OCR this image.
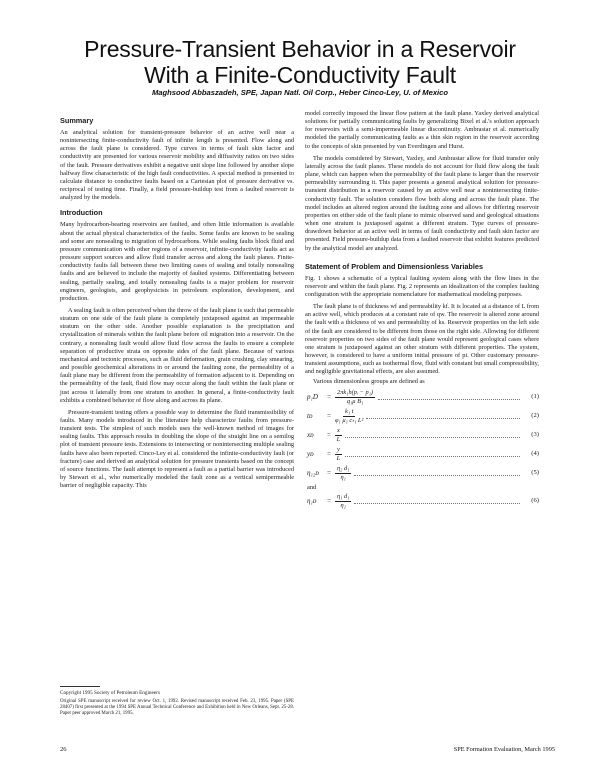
Pressure-Transient Behavior in a Reservoir
With a Finite-Conductivity Fault
Maghsood Abbaszadeh, SPE, Japan Natl. Oil Corp., Heber Cinco-Ley, U. of Mexico
Summary

An analytical solution for transient-pressure behavior of an active well near a nonintersecting finite-conductivity fault of infinite length is presented. Flow along and across the fault plane is considered. Type curves in terms of fault skin factor and conductivity are presented for various reservoir mobility and diffusivity ratios on two sides of the fault. Pressure derivatives exhibit a negative unit slope line followed by another slope halfway flow characteristic of the high fault conductivities. A special method is presented to calculate distance to conductive faults based on a Cartesian plot of pressure derivative vs. reciprocal of testing time. Finally, a field pressure-buildup test from a faulted reservoir is analyzed by the models.

Introduction

Many hydrocarbon-bearing reservoirs are faulted, and often little information is available about the actual physical characteristics of the faults. Some faults are known to be sealing and some are nonsealing to migration of hydrocarbons. While sealing faults block fluid and pressure communication with other regions of a reservoir, infinite-conductivity faults act as pressure support sources and allow fluid transfer across and along the fault planes. Finite-conductivity faults fall between these two limiting cases of sealing and totally nonsealing faults and are believed to include the majority of faulted systems. Differentiating between sealing, partially sealing, and totally nonsealing faults is a major problem for reservoir engineers, geologists, and geophysicists in petroleum exploration, development, and production.

A sealing fault is often perceived when the throw of the fault plane is such that permeable stratum on one side of the fault plane is completely juxtaposed against an impermeable stratum on the other side. Another possible explanation is the precipitation and crystallization of minerals within the fault plane before oil migration into a reservoir. On the contrary, a nonsealing fault would allow fluid flow across the faults to ensure a complete separation of productive strata on opposite sides of the fault plane. Because of various mechanical and tectonic processes, such as fluid deformation, grain crushing, clay smearing, and possible geochemical alterations in or around the faulting zone, the permeability of a fault plane may be different from the permeability of formation adjacent to it. Depending on the permeability of the fault, fluid flow may occur along the fault within the fault plane or just across it laterally from one stratum to another. In general, a finite-conductivity fault exhibits a combined behavior of flow along and across its plane.

Pressure-transient testing offers a possible way to determine the fluid transmissibility of faults. Many models introduced in the literature help characterize faults from pressure-transient tests. The simplest of such models uses the well-known method of images for sealing faults. This approach results in doubling the slope of the straight line on a semilog plot of transient pressure tests. Extensions to intersecting or nonintersecting multiple sealing faults have also been reported. Cinco-Ley et al. considered the infinite-conductivity fault (or fracture) case and derived an analytical solution for pressure transients based on the concept of source functions. The fault attempt to represent a fault as a partial barrier was introduced by Stewart et al., who numerically modeled the fault zone as a vertical semipermeable barrier of negligible capacity. This

model correctly imposed the linear flow pattern at the fault plane. Yaxley derived analytical solutions for partially communicating faults by generalizing Bixel et al.'s solution approach for reservoirs with a semi-impermeable linear discontinuity. Ambrastar et al. numerically modeled the partially communicating faults as a thin skin region in the reservoir according to the concepts of skin presented by van Everdingen and Hurst.

The models considered by Stewart, Yaxley, and Ambrastar allow for fluid transfer only laterally across the fault planes. These models do not account for fluid flow along the fault plane, which can happen when the permeability of the fault plane is larger than the reservoir permeability surrounding it. This paper presents a general analytical solution for pressure-transient distribution in a reservoir caused by an active well near a nonintersecting finite-conductivity fault. The solution considers flow both along and across the fault plane. The model includes an altered region around the faulting zone and allows for differing reservoir properties on either side of the fault plane to mimic observed sand and geological situations when one stratum is juxtaposed against a different stratum. Type curves of pressure-drawdown behavior at an active well in terms of fault conductivity and fault skin factor are presented. Field pressure-buildup data from a faulted reservoir that exhibit features predicted by the analytical model are analyzed.

Statement of Problem and Dimensionless Variables

Fig. 1 shows a schematic of a typical faulting system along with the flow lines in the reservoir and within the fault plane. Fig. 2 represents an idealization of the complex faulting configuration with the appropriate nomenclature for mathematical modeling purposes.

The fault plane is of thickness wf and permeability kf. It is located at a distance of L from an active well, which produces at a constant rate of qw. The reservoir is altered zone around the fault with a thickness of ws and permeability of ks. Reservoir properties on the left side of the fault are considered to be different from those on the right side. Allowing for different reservoir properties on two sides of the fault plane would represent geological cases where one stratum is juxtaposed against an other stratum with different properties. The system, however, is considered to have a uniform initial pressure of pi. Other customary pressure-transient assumptions, such as isothermal flow, fluid with constant but small compressibility, and negligible gravitational effects, are also assumed.

Various dimensionless groups are defined as

p₁D	= $\frac{\text{2πk₁h(pᵢ − p₁)}}{\text{q₁μ B₁}}$	(1)
tᴅ	= $\frac{\text{k₁ t}}{\text{φ₁ μ₁ cₜ₁ L²}}$	(2)
xᴅ	= $\frac{x}{L}$	(3)
yᴅ	= $\frac{y}{L}$	(4)
η₁₂ᴅ	= $\frac{\text{η₂ d₁}}{\text{η₁}}$	(5)
and
η₁ᴅ	= $\frac{\text{η₁ d₁}}{\text{η₂}}$	(6)
Copyright 1995 Society of Petroleum Engineers
Original SPE manuscript received for review Oct. 1, 1992. Revised manuscript received Feb. 23, 1995. Paper (SPE 28407) first presented at the 1994 SPE Annual Technical Conference and Exhibition held in New Orleans, Sept. 25-28. Paper peer approved March 21, 1995.
26	SPE Formation Evaluation, March 1995
